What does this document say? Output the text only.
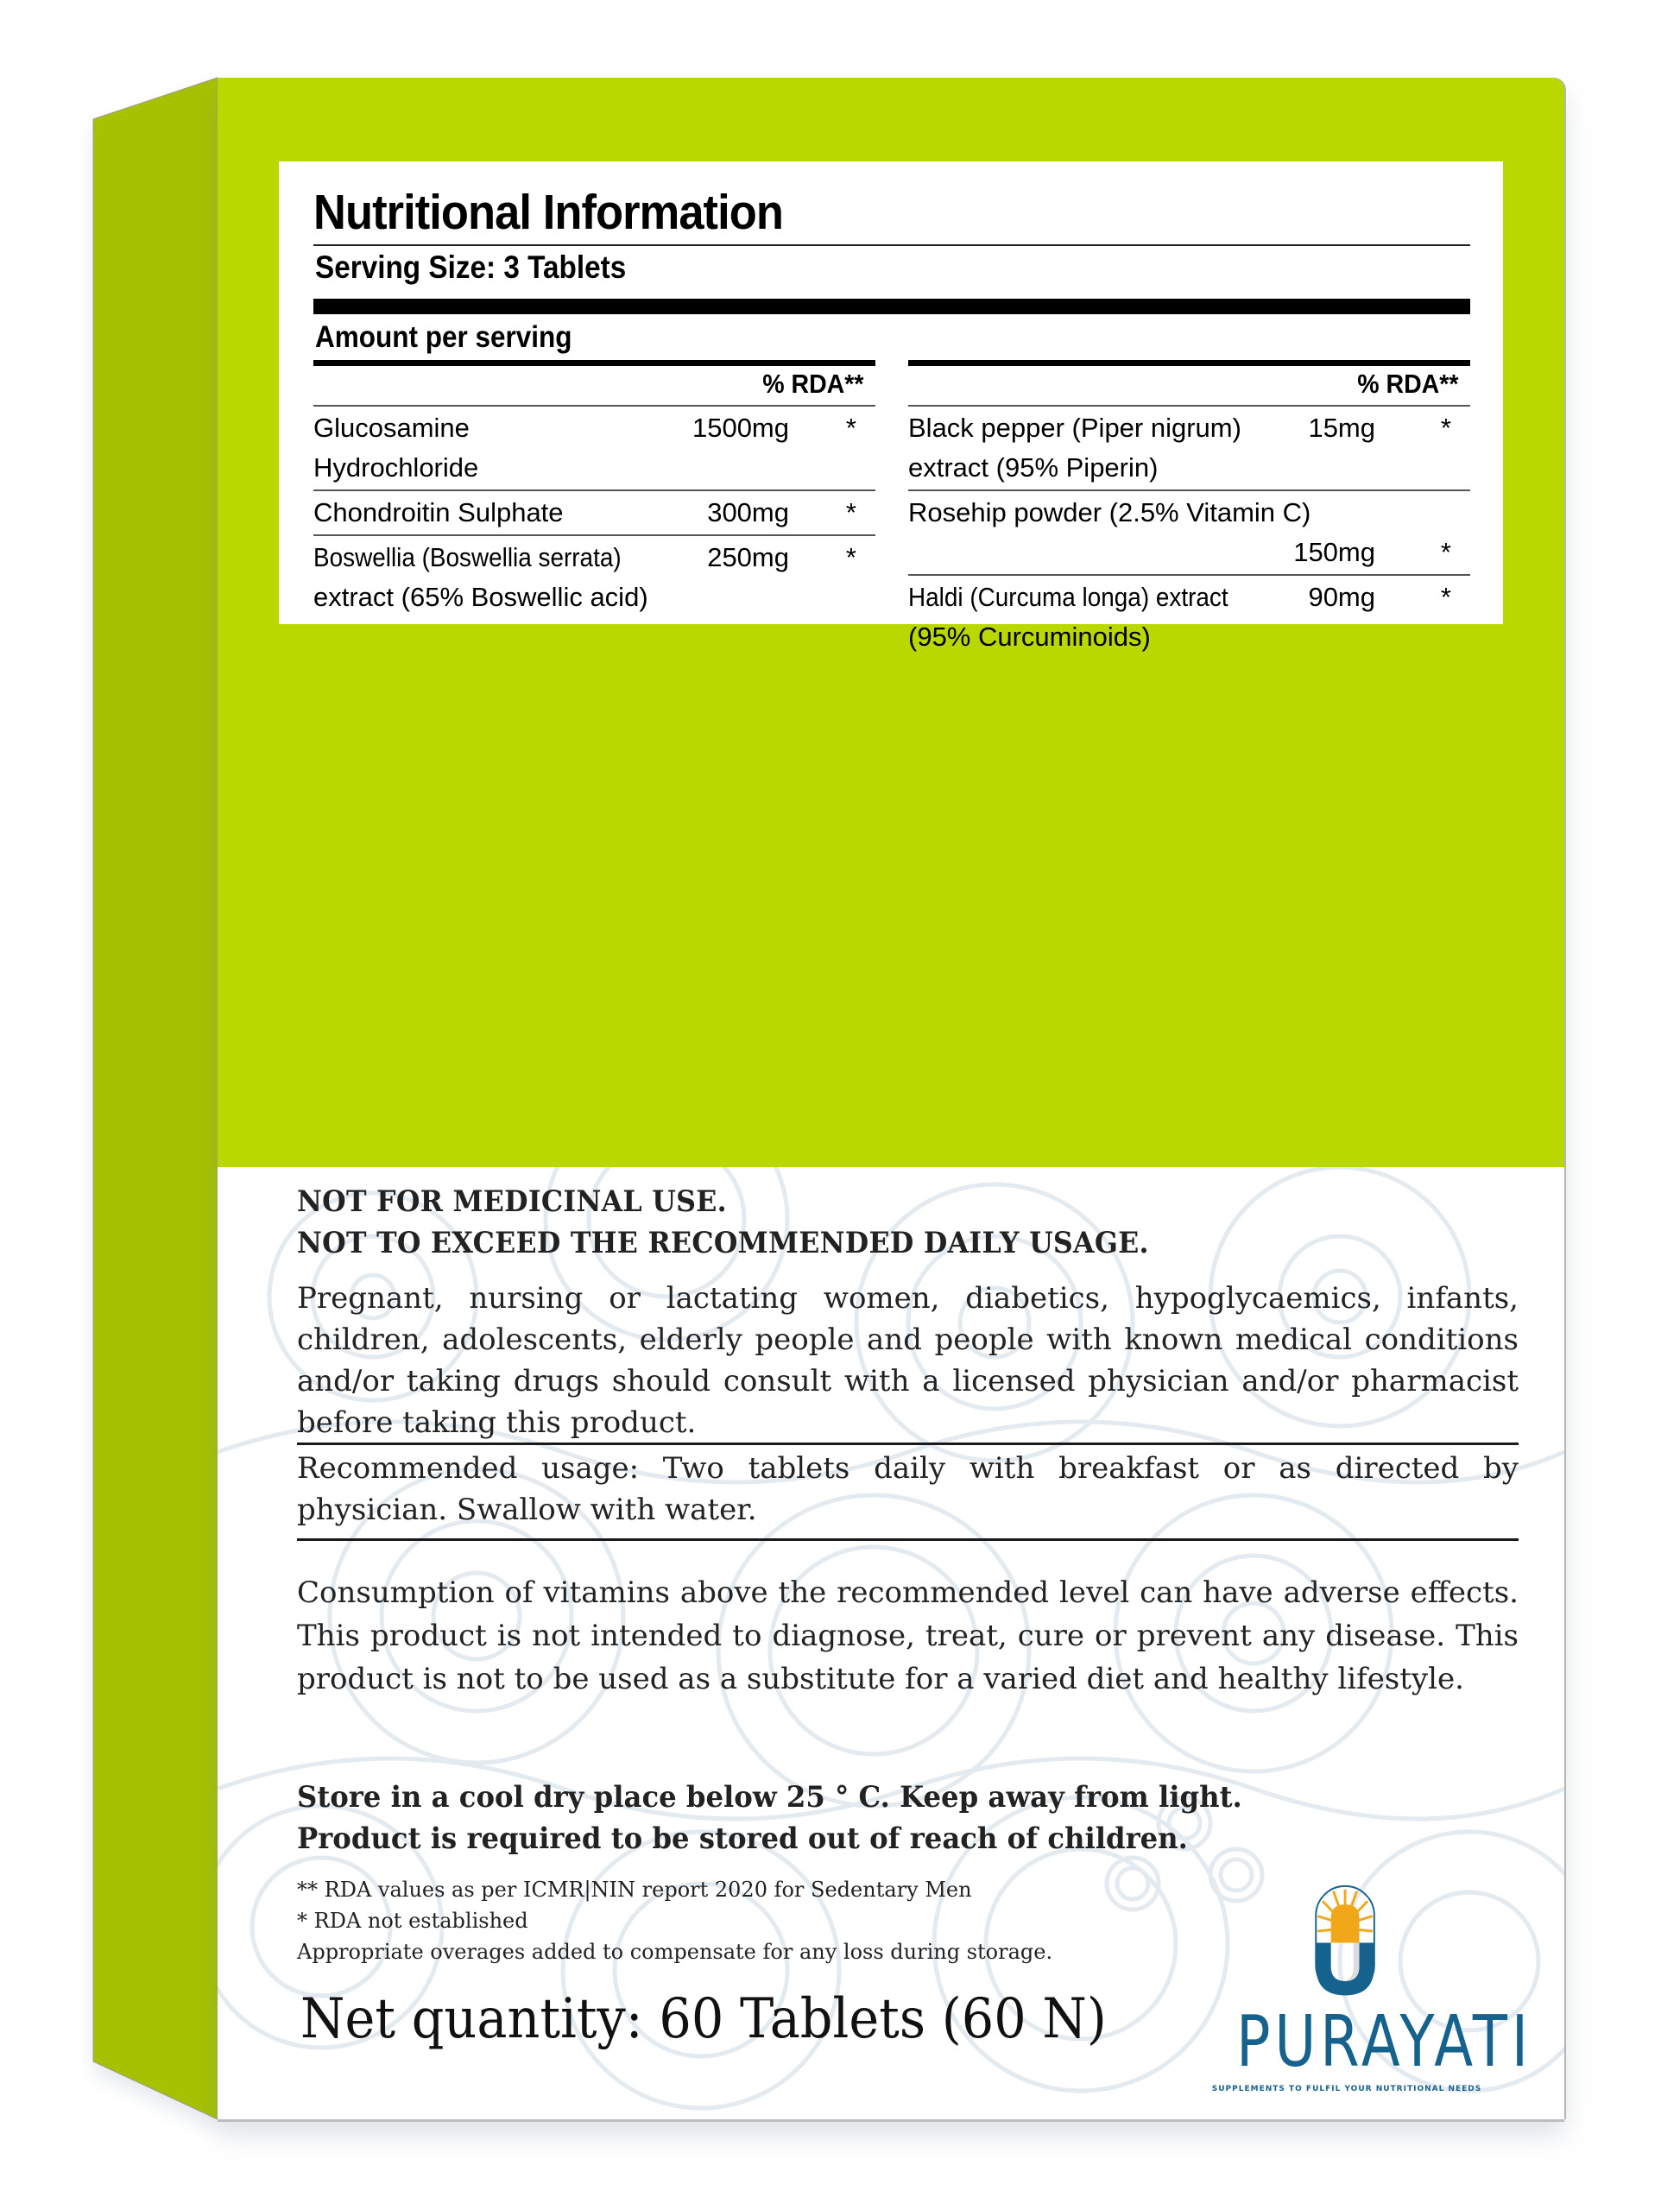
Nutritional Information
Serving Size: 3 Tablets
Amount per serving
% RDA**
Glucosamine
Hydrochloride
1500mg *
Chondroitin Sulphate	300mg *
Boswellia (Boswellia serrata)
extract (65% Boswellic acid)
250mg *
% RDA**
Black pepper (Piper nigrum)
extract (95% Piperin)
15mg *
Rosehip powder (2.5% Vitamin C)
150mg *
Haldi (Curcuma longa) extract
(95% Curcuminoids)
90mg *
NOT FOR MEDICINAL USE.
NOT TO EXCEED THE RECOMMENDED DAILY USAGE.
Pregnant, nursing or lactating women, diabetics, hypoglycaemics, infants, children, adolescents, elderly people and people with known medical conditions and/or taking drugs should consult with a licensed physician and/or pharmacist before taking this product.
Recommended usage: Two tablets daily with breakfast or as directed by physician. Swallow with water.
Consumption of vitamins above the recommended level can have adverse effects. This product is not intended to diagnose, treat, cure or prevent any disease. This product is not to be used as a substitute for a varied diet and healthy lifestyle.
Store in a cool dry place below 25 ° C. Keep away from light.
Product is required to be stored out of reach of children.
** RDA values as per ICMR|NIN report 2020 for Sedentary Men
* RDA not established
Appropriate overages added to compensate for any loss during storage.
Net quantity: 60 Tablets (60 N) PURAYATI
SUPPLEMENTS TO FULFIL YOUR NUTRITIONAL NEEDS
